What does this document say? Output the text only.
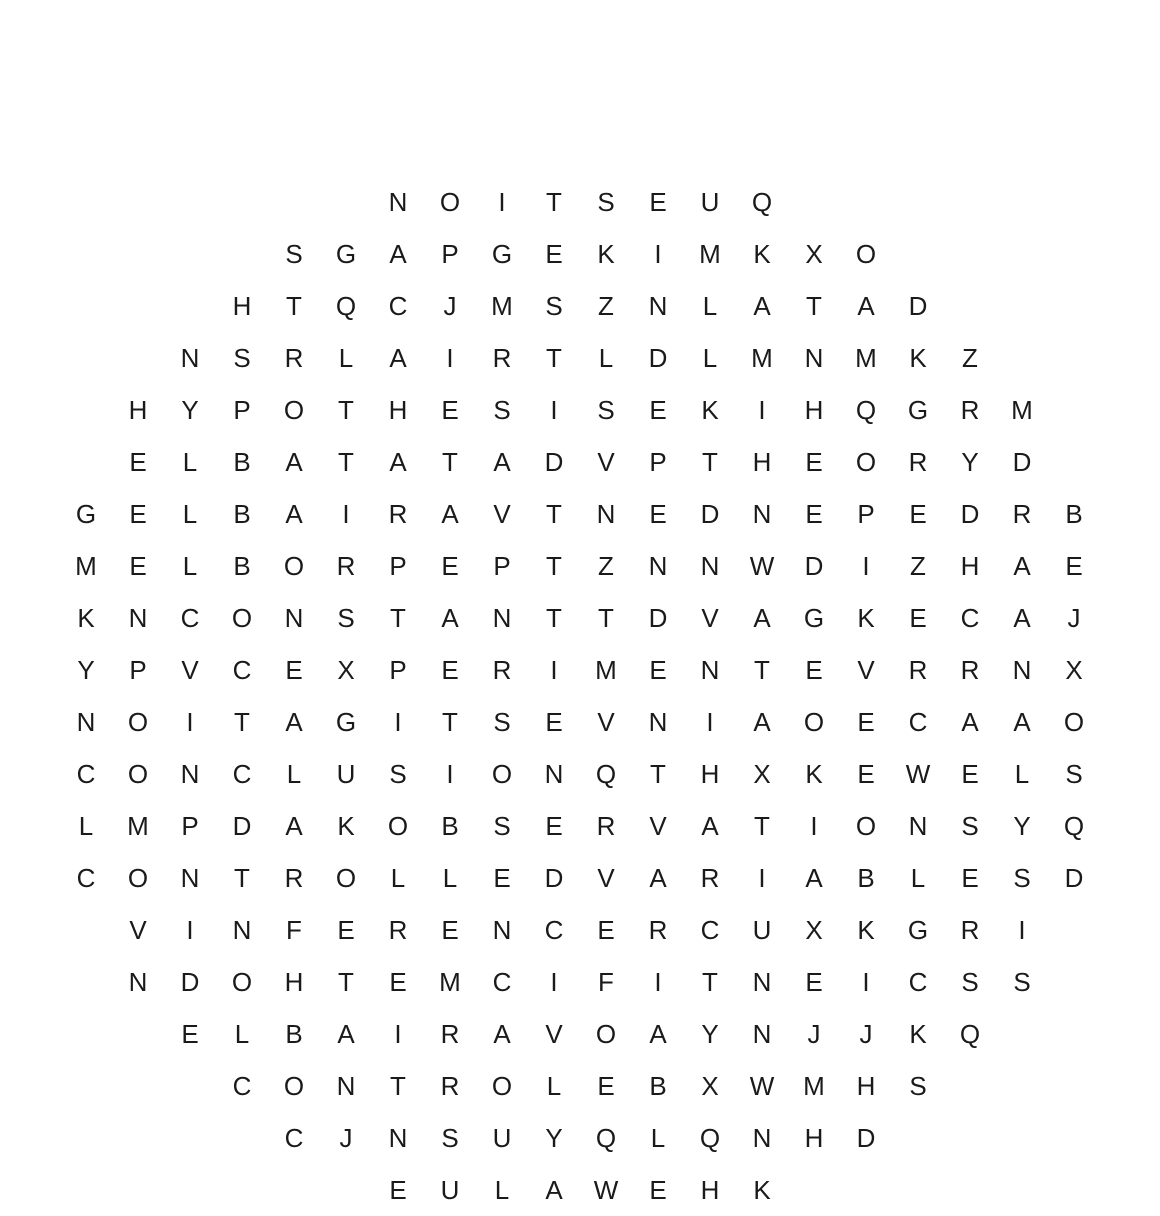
N	O	I	T	S	E	U	Q
S	G	A	P	G	E	K	I	M	K	X	O
H	T	Q	C	J	M	S	Z	N	L	A	T	A	D
N	S	R	L	A	I	R	T	L	D	L	M	N	M	K	Z
H	Y	P	O	T	H	E	S	I	S	E	K	I	H	Q	G	R	M
E	L	B	A	T	A	T	A	D	V	P	T	H	E	O	R	Y	D
G	E	L	B	A	I	R	A	V	T	N	E	D	N	E	P	E	D	R	B
M	E	L	B	O	R	P	E	P	T	Z	N	N	W	D	I	Z	H	A	E
K	N	C	O	N	S	T	A	N	T	T	D	V	A	G	K	E	C	A	J
Y	P	V	C	E	X	P	E	R	I	M	E	N	T	E	V	R	R	N	X
N	O	I	T	A	G	I	T	S	E	V	N	I	A	O	E	C	A	A	O
C	O	N	C	L	U	S	I	O	N	Q	T	H	X	K	E	W	E	L	S
L	M	P	D	A	K	O	B	S	E	R	V	A	T	I	O	N	S	Y	Q
C	O	N	T	R	O	L	L	E	D	V	A	R	I	A	B	L	E	S	D
V	I	N	F	E	R	E	N	C	E	R	C	U	X	K	G	R	I
N	D	O	H	T	E	M	C	I	F	I	T	N	E	I	C	S	S
E	L	B	A	I	R	A	V	O	A	Y	N	J	J	K	Q
C	O	N	T	R	O	L	E	B	X	W	M	H	S
C	J	N	S	U	Y	Q	L	Q	N	H	D
E	U	L	A	W	E	H	K
